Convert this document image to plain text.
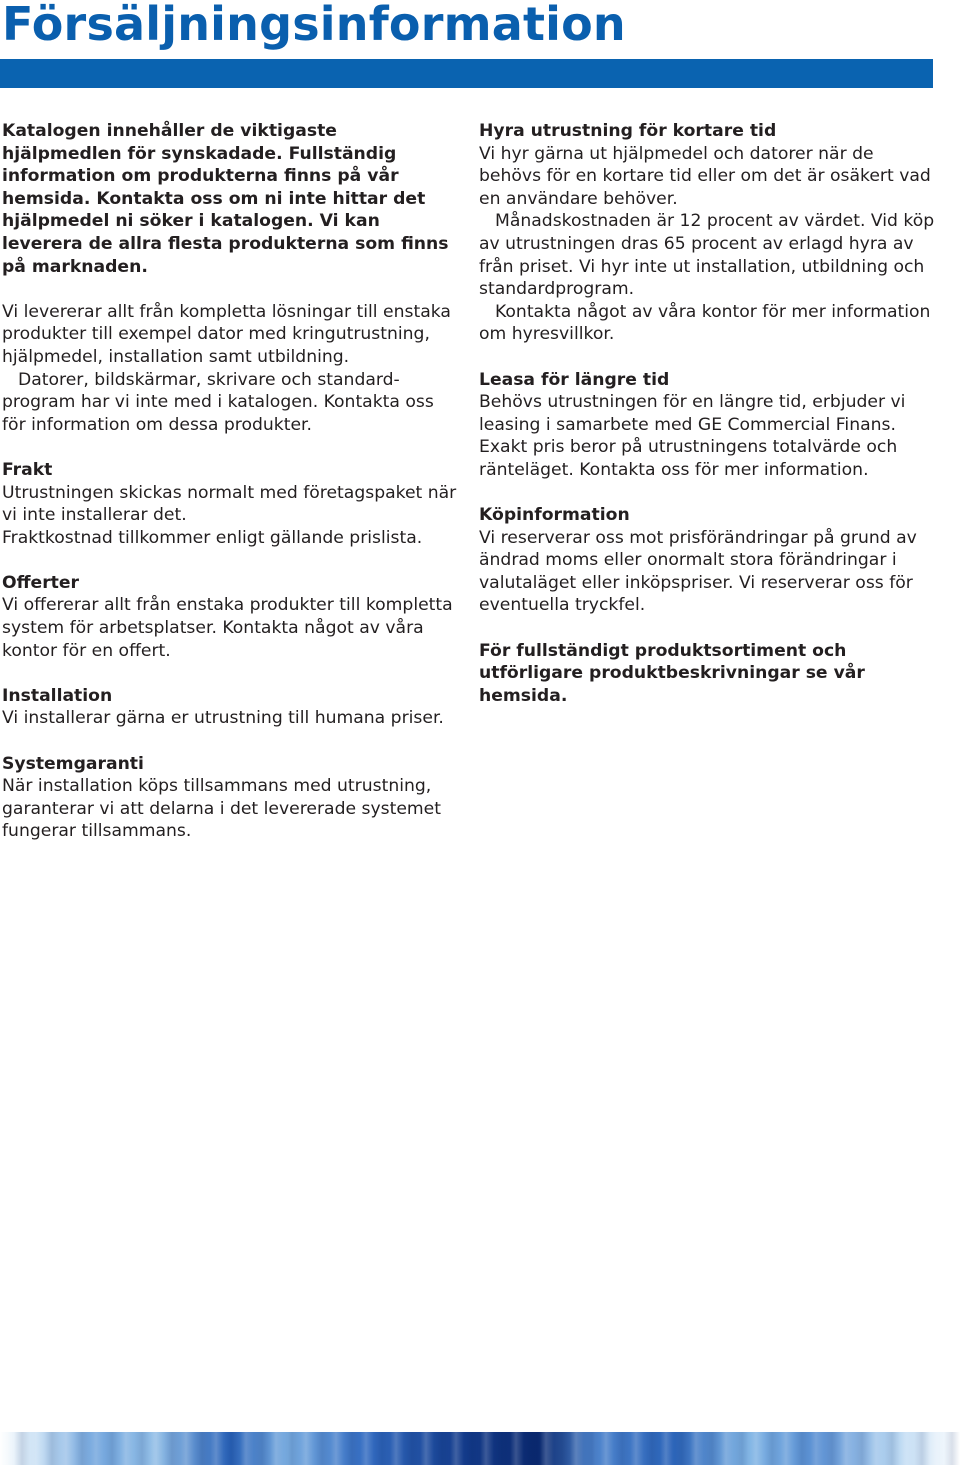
Försäljningsinformation

Katalogen innehåller de viktigaste hjälpmedlen för synskadade. Fullständig information om produkterna finns på vår hemsida. Kontakta oss om ni inte hittar det hjälpmedel ni söker i katalogen. Vi kan leverera de allra flesta produkterna som finns på marknaden.

Vi levererar allt från kompletta lösningar till enstaka produkter till exempel dator med kringutrustning, hjälpmedel, installation samt utbildning.
Datorer, bildskärmar, skrivare och standard-program har vi inte med i katalogen. Kontakta oss för information om dessa produkter.

Frakt
Utrustningen skickas normalt med företagspaket när vi inte installerar det.
Fraktkostnad tillkommer enligt gällande prislista.

Offerter
Vi offererar allt från enstaka produkter till kompletta system för arbetsplatser. Kontakta något av våra kontor för en offert.

Installation
Vi installerar gärna er utrustning till humana priser.

Systemgaranti
När installation köps tillsammans med utrustning, garanterar vi att delarna i det levererade systemet fungerar tillsammans.

Hyra utrustning för kortare tid
Vi hyr gärna ut hjälpmedel och datorer när de behövs för en kortare tid eller om det är osäkert vad en användare behöver.
Månadskostnaden är 12 procent av värdet. Vid köp av utrustningen dras 65 procent av erlagd hyra av från priset. Vi hyr inte ut installation, utbildning och standardprogram.
Kontakta något av våra kontor för mer information om hyresvillkor.

Leasa för längre tid
Behövs utrustningen för en längre tid, erbjuder vi leasing i samarbete med GE Commercial Finans. Exakt pris beror på utrustningens totalvärde och ränteläget. Kontakta oss för mer information.

Köpinformation
Vi reserverar oss mot prisförändringar på grund av ändrad moms eller onormalt stora förändringar i valutaläget eller inköpspriser. Vi reserverar oss för eventuella tryckfel.

För fullständigt produktsortiment och utförligare produktbeskrivningar se vår hemsida.
